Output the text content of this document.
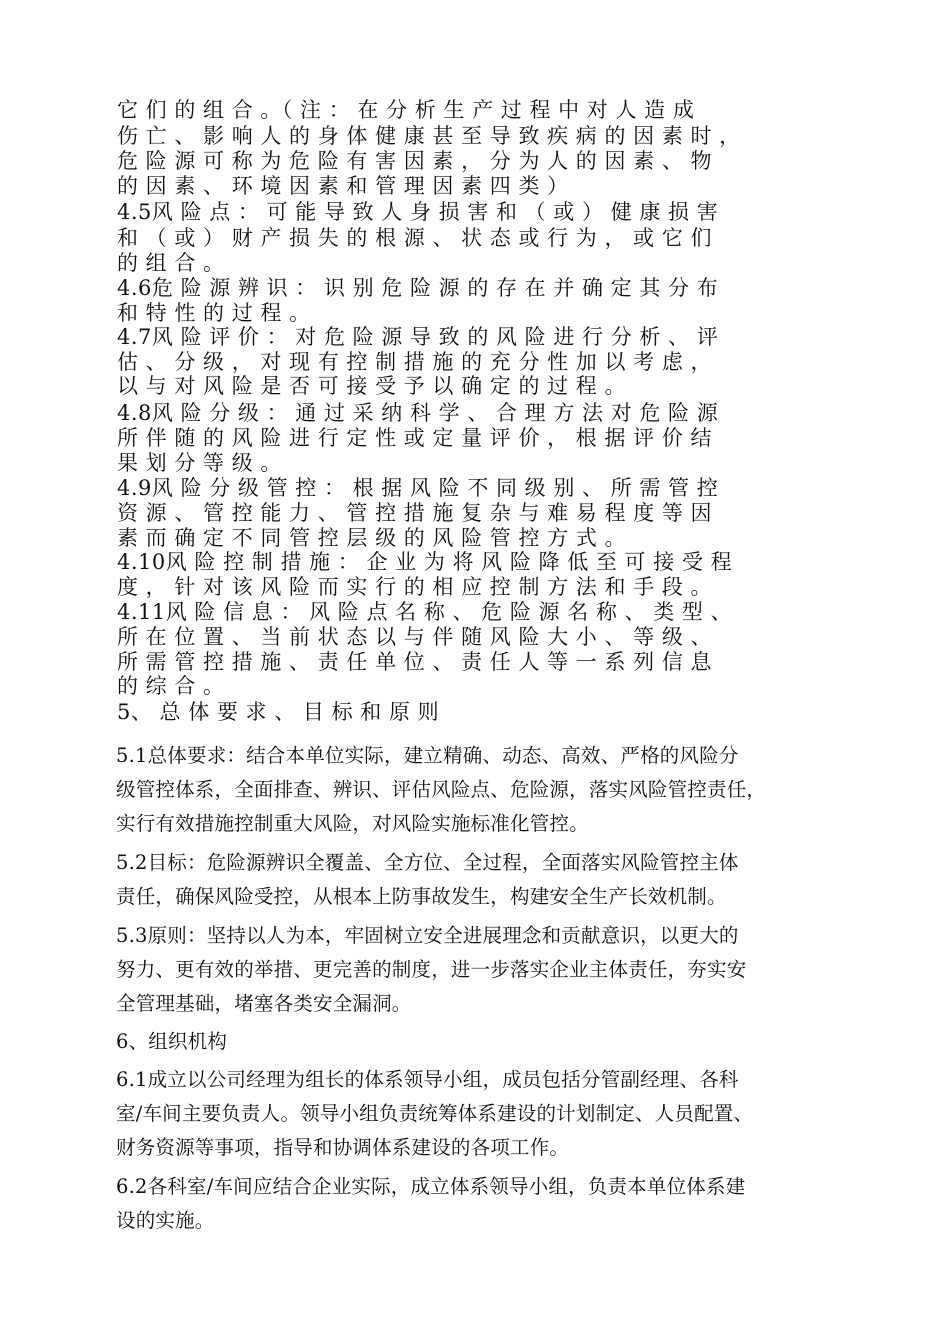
它 们 的 组 合 。（ 注 ： 在 分 析 生 产 过 程 中 对 人 造 成
伤 亡 、 影 响 人 的 身 体 健 康 甚 至 导 致 疾 病 的 因 素 时 ，
危 险 源 可 称 为 危 险 有 害 因 素 ， 分 为 人 的 因 素 、 物
的 因 素 、 环 境 因 素 和 管 理 因 素 四 类 ）
4.5风 险 点 ： 可 能 导 致 人 身 损 害 和 （ 或 ） 健 康 损 害
和 （ 或 ） 财 产 损 失 的 根 源 、 状 态 或 行 为 ， 或 它 们
的 组 合 。
4.6危 险 源 辨 识 ： 识 别 危 险 源 的 存 在 并 确 定 其 分 布
和 特 性 的 过 程 。
4.7风 险 评 价 ： 对 危 险 源 导 致 的 风 险 进 行 分 析 、 评
估 、 分 级 ， 对 现 有 控 制 措 施 的 充 分 性 加 以 考 虑 ，
以 与 对 风 险 是 否 可 接 受 予 以 确 定 的 过 程 。
4.8风 险 分 级 ： 通 过 采 纳 科 学 、 合 理 方 法 对 危 险 源
所 伴 随 的 风 险 进 行 定 性 或 定 量 评 价 ， 根 据 评 价 结
果 划 分 等 级 。
4.9风 险 分 级 管 控 ： 根 据 风 险 不 同 级 别 、 所 需 管 控
资 源 、 管 控 能 力 、 管 控 措 施 复 杂 与 难 易 程 度 等 因
素 而 确 定 不 同 管 控 层 级 的 风 险 管 控 方 式 。
4.10风 险 控 制 措 施 ： 企 业 为 将 风 险 降 低 至 可 接 受 程
度 ， 针 对 该 风 险 而 实 行 的 相 应 控 制 方 法 和 手 段 。
4.11风 险 信 息 ： 风 险 点 名 称 、 危 险 源 名 称 、 类 型 、
所 在 位 置 、 当 前 状 态 以 与 伴 随 风 险 大 小 、 等 级 、
所 需 管 控 措 施 、 责 任 单 位 、 责 任 人 等 一 系 列 信 息
的 综 合 。
5、 总 体 要 求 、 目 标 和 原 则
5.1总体要求：结合本单位实际，建立精确、动态、高效、严格的风险分
级管控体系，全面排查、辨识、评估风险点、危险源，落实风险管控责任，
实行有效措施控制重大风险，对风险实施标准化管控。
5.2目标：危险源辨识全覆盖、全方位、全过程，全面落实风险管控主体
责任，确保风险受控，从根本上防事故发生，构建安全生产长效机制。
5.3原则：坚持以人为本，牢固树立安全进展理念和贡献意识，以更大的
努力、更有效的举措、更完善的制度，进一步落实企业主体责任，夯实安
全管理基础，堵塞各类安全漏洞。
6、组织机构
6.1成立以公司经理为组长的体系领导小组，成员包括分管副经理、各科
室/车间主要负责人。领导小组负责统筹体系建设的计划制定、人员配置、
财务资源等事项，指导和协调体系建设的各项工作。
6.2各科室/车间应结合企业实际，成立体系领导小组，负责本单位体系建
设的实施。
